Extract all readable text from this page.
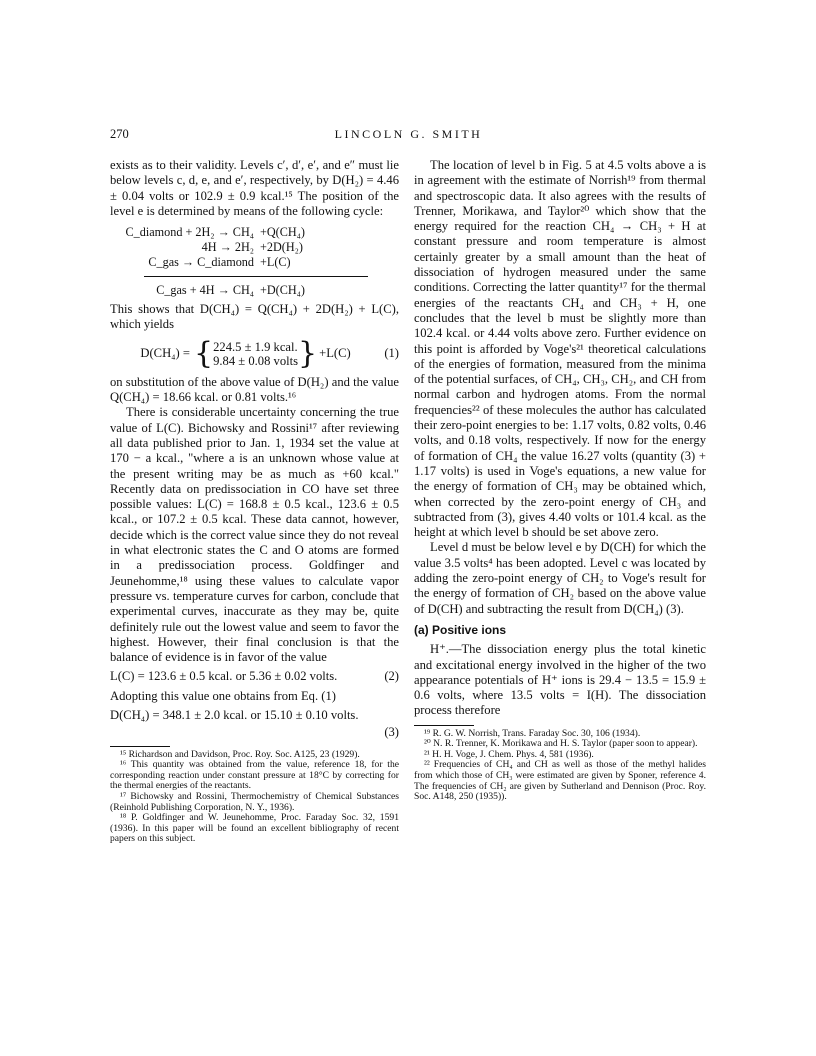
270	LINCOLN G. SMITH

exists as to their validity. Levels c′, d′, e′, and e″ must lie below levels c, d, e, and e′, respectively, by D(H₂) = 4.46 ± 0.04 volts or 102.9 ± 0.9 kcal.¹⁵ The position of the level e is determined by means of the following cycle:

C_diamond + 2H₂ → CH₄ +Q(CH₄)
4H → 2H₂ +2D(H₂)
C_gas → C_diamond +L(C)
C_gas + 4H → CH₄ +D(CH₄)

This shows that D(CH₄) = Q(CH₄) + 2D(H₂) + L(C), which yields

D(CH₄) = { 224.5 ± 1.9 kcal.
9.84 ± 0.08 volts } +L(C)	(1)

on substitution of the above value of D(H₂) and the value Q(CH₄) = 18.66 kcal. or 0.81 volts.¹⁶

There is considerable uncertainty concerning the true value of L(C). Bichowsky and Rossini¹⁷ after reviewing all data published prior to Jan. 1, 1934 set the value at 170 − a kcal., "where a is an unknown whose value at the present writing may be as much as +60 kcal." Recently data on predissociation in CO have set three possible values: L(C) = 168.8 ± 0.5 kcal., 123.6 ± 0.5 kcal., or 107.2 ± 0.5 kcal. These data cannot, however, decide which is the correct value since they do not reveal in what electronic states the C and O atoms are formed in a predissociation process. Goldfinger and Jeunehomme,¹⁸ using these values to calculate vapor pressure vs. temperature curves for carbon, conclude that experimental curves, inaccurate as they may be, quite definitely rule out the lowest value and seem to favor the highest. However, their final conclusion is that the balance of evidence is in favor of the value

L(C) = 123.6 ± 0.5 kcal. or 5.36 ± 0.02 volts.	(2)

Adopting this value one obtains from Eq. (1)

D(CH₄) = 348.1 ± 2.0 kcal. or 15.10 ± 0.10 volts.
(3)

¹⁵ Richardson and Davidson, Proc. Roy. Soc. A125, 23 (1929).

¹⁶ This quantity was obtained from the value, reference 18, for the corresponding reaction under constant pressure at 18°C by correcting for the thermal energies of the reactants.

¹⁷ Bichowsky and Rossini, Thermochemistry of Chemical Substances (Reinhold Publishing Corporation, N. Y., 1936).

¹⁸ P. Goldfinger and W. Jeunehomme, Proc. Faraday Soc. 32, 1591 (1936). In this paper will be found an excellent bibliography of recent papers on this subject.

The location of level b in Fig. 5 at 4.5 volts above a is in agreement with the estimate of Norrish¹⁹ from thermal and spectroscopic data. It also agrees with the results of Trenner, Morikawa, and Taylor²⁰ which show that the energy required for the reaction CH₄ → CH₃ + H at constant pressure and room temperature is almost certainly greater by a small amount than the heat of dissociation of hydrogen measured under the same conditions. Correcting the latter quantity¹⁷ for the thermal energies of the reactants CH₄ and CH₃ + H, one concludes that the level b must be slightly more than 102.4 kcal. or 4.44 volts above zero. Further evidence on this point is afforded by Voge's²¹ theoretical calculations of the energies of formation, measured from the minima of the potential surfaces, of CH₄, CH₃, CH₂, and CH from normal carbon and hydrogen atoms. From the normal frequencies²² of these molecules the author has calculated their zero-point energies to be: 1.17 volts, 0.82 volts, 0.46 volts, and 0.18 volts, respectively. If now for the energy of formation of CH₄ the value 16.27 volts (quantity (3) + 1.17 volts) is used in Voge's equations, a new value for the energy of formation of CH₃ may be obtained which, when corrected by the zero-point energy of CH₃ and subtracted from (3), gives 4.40 volts or 101.4 kcal. as the height at which level b should be set above zero.

Level d must be below level e by D(CH) for which the value 3.5 volts⁴ has been adopted. Level c was located by adding the zero-point energy of CH₂ to Voge's result for the energy of formation of CH₂ based on the above value of D(CH) and subtracting the result from D(CH₄) (3).

(a) Positive ions

H⁺.—The dissociation energy plus the total kinetic and excitational energy involved in the higher of the two appearance potentials of H⁺ ions is 29.4 − 13.5 = 15.9 ± 0.6 volts, where 13.5 volts = I(H). The dissociation process therefore

¹⁹ R. G. W. Norrish, Trans. Faraday Soc. 30, 106 (1934).

²⁰ N. R. Trenner, K. Morikawa and H. S. Taylor (paper soon to appear).

²¹ H. H. Voge, J. Chem. Phys. 4, 581 (1936).

²² Frequencies of CH₄ and CH as well as those of the methyl halides from which those of CH₃ were estimated are given by Sponer, reference 4. The frequencies of CH₂ are given by Sutherland and Dennison (Proc. Roy. Soc. A148, 250 (1935)).
